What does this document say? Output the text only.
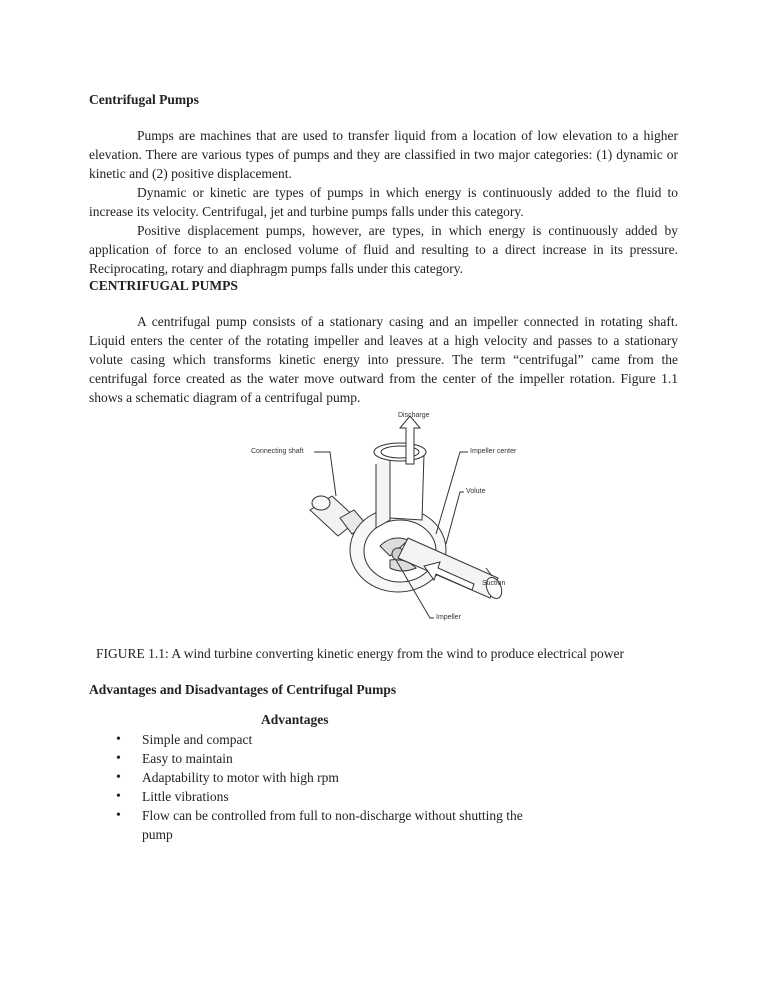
Centrifugal Pumps

Pumps are machines that are used to transfer liquid from a location of low elevation to a higher elevation. There are various types of pumps and they are classified in two major categories: (1) dynamic or kinetic and (2) positive displacement.

Dynamic or kinetic are types of pumps in which energy is continuously added to the fluid to increase its velocity. Centrifugal, jet and turbine pumps falls under this category.

Positive displacement pumps, however, are types, in which energy is continuously added by application of force to an enclosed volume of fluid and resulting to a direct increase in its pressure. Reciprocating, rotary and diaphragm pumps falls under this category.

CENTRIFUGAL PUMPS

A centrifugal pump consists of a stationary casing and an impeller connected in rotating shaft. Liquid enters the center of the rotating impeller and leaves at a high velocity and passes to a stationary volute casing which transforms kinetic energy into pressure. The term “centrifugal” came from the centrifugal force created as the water move outward from the center of the impeller rotation. Figure 1.1 shows a schematic diagram of a centrifugal pump.

Discharge
Connecting shaft	Impeller center
Volute
Suction
Impeller

FIGURE 1.1: A wind turbine converting kinetic energy from the wind to produce electrical power

Advantages and Disadvantages of Centrifugal Pumps

Advantages

• Simple and compact
• Easy to maintain
• Adaptability to motor with high rpm
• Little vibrations
• Flow can be controlled from full to non-discharge without shutting the pump
